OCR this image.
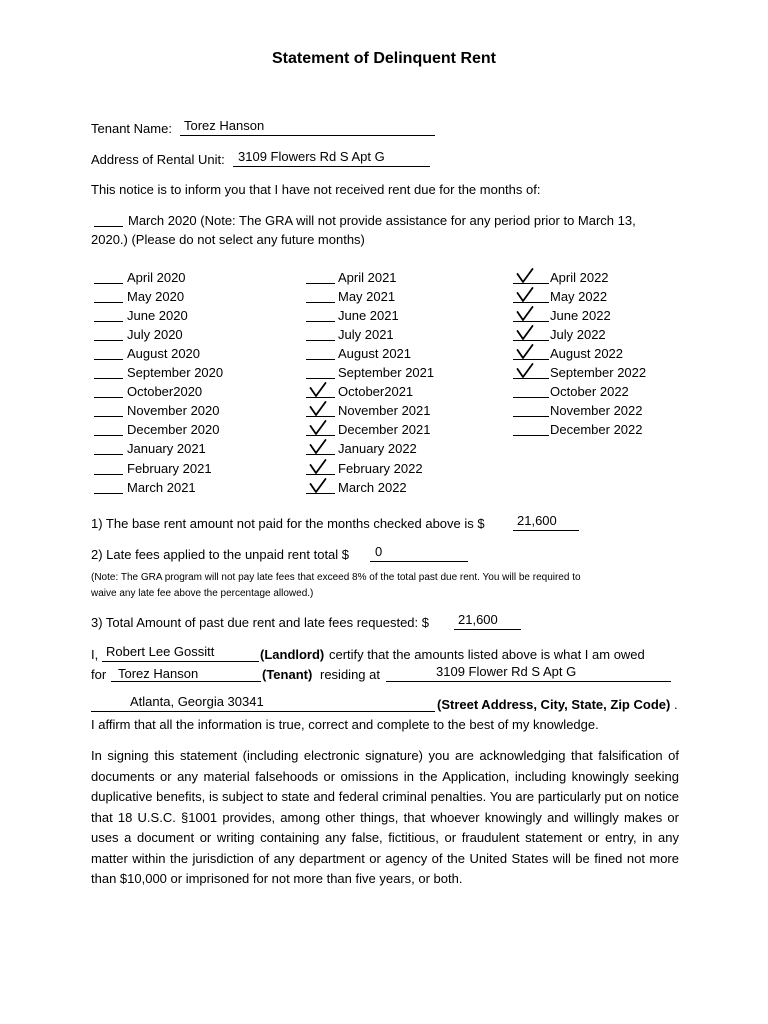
Statement of Delinquent Rent
Tenant Name: Torez Hanson
Address of Rental Unit: 3109 Flowers Rd S Apt G
This notice is to inform you that I have not received rent due for the months of:
March 2020 (Note: The GRA will not provide assistance for any period prior to March 13,
2020.) (Please do not select any future months)
April 2020
May 2020
June 2020
July 2020
August 2020
September 2020
October2020
November 2020
December 2020
January 2021
February 2021
March 2021
April 2021
May 2021
June 2021
July 2021
August 2021
September 2021
October2021
November 2021
December 2021
January 2022
February 2022
March 2022
April 2022
May 2022
June 2022
July 2022
August 2022
September 2022
October 2022
November 2022
December 2022
1) The base rent amount not paid for the months checked above is $ 21,600
2) Late fees applied to the unpaid rent total $ 0
(Note: The GRA program will not pay late fees that exceed 8% of the total past due rent. You will be required to
waive any late fee above the percentage allowed.)
3) Total Amount of past due rent and late fees requested: $ 21,600
I, Robert Lee Gossitt	(Landlord) certify that the amounts listed above is what I am owed
for Torez Hanson	(Tenant) residing at	3109 Flower Rd S Apt G
Atlanta, Georgia 30341	(Street Address, City, State, Zip Code) .
I affirm that all the information is true, correct and complete to the best of my knowledge.
In signing this statement (including electronic signature) you are acknowledging that falsification of documents or any material falsehoods or omissions in the Application, including knowingly seeking duplicative benefits, is subject to state and federal criminal penalties. You are particularly put on notice that 18 U.S.C. §1001 provides, among other things, that whoever knowingly and willingly makes or uses a document or writing containing any false, fictitious, or fraudulent statement or entry, in any matter within the jurisdiction of any department or agency of the United States will be fined not more than $10,000 or imprisoned for not more than five years, or both.
